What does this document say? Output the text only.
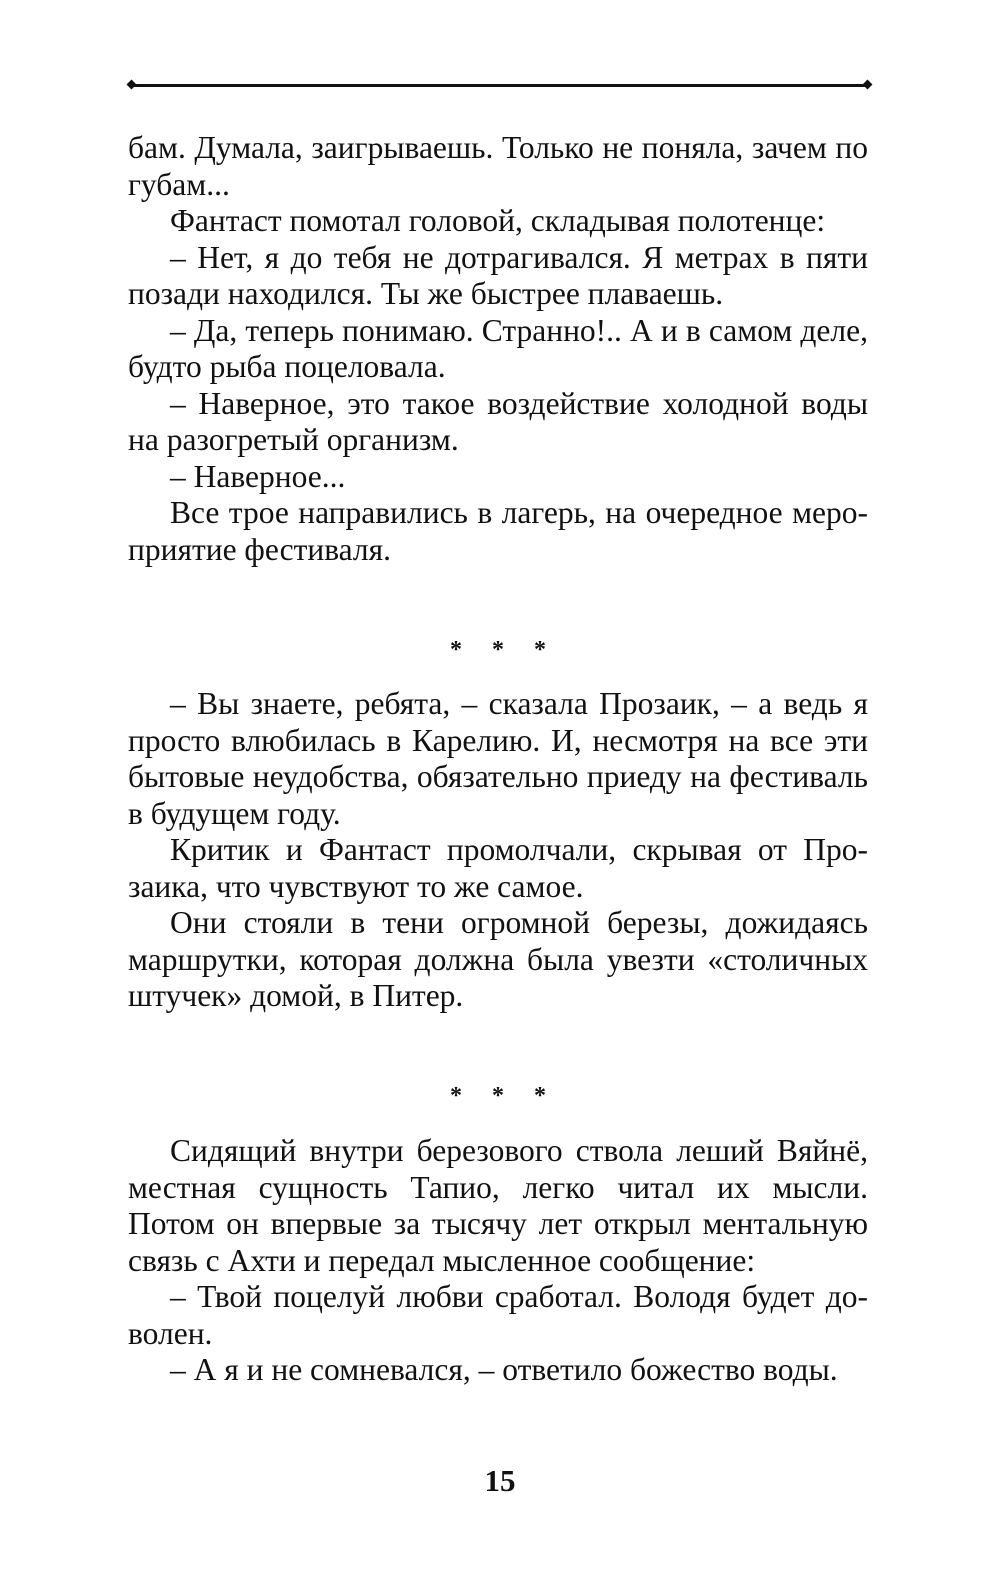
бам. Думала, заигрываешь. Только не поняла, зачем по губам...

Фантаст помотал головой, складывая полотенце:

– Нет, я до тебя не дотрагивался. Я метрах в пяти позади находился. Ты же быстрее плаваешь.

– Да, теперь понимаю. Странно!.. А и в самом деле, будто рыба поцеловала.

– Наверное, это такое воздействие холодной воды на разогретый организм.

– Наверное...

Все трое направились в лагерь, на очередное мероприятие фестиваля.

* * *

– Вы знаете, ребята, – сказала Прозаик, – а ведь я просто влюбилась в Карелию. И, несмотря на все эти бытовые неудобства, обязательно приеду на фестиваль в будущем году.

Критик и Фантаст промолчали, скрывая от Прозаика, что чувствуют то же самое.

Они стояли в тени огромной березы, дожидаясь маршрутки, которая должна была увезти «столичных штучек» домой, в Питер.

* * *

Сидящий внутри березового ствола леший Вяйнё, местная сущность Тапио, легко читал их мысли. Потом он впервые за тысячу лет открыл ментальную связь с Ахти и передал мысленное сообщение:

– Твой поцелуй любви сработал. Володя будет доволен.

– А я и не сомневался, – ответило божество воды.

15
